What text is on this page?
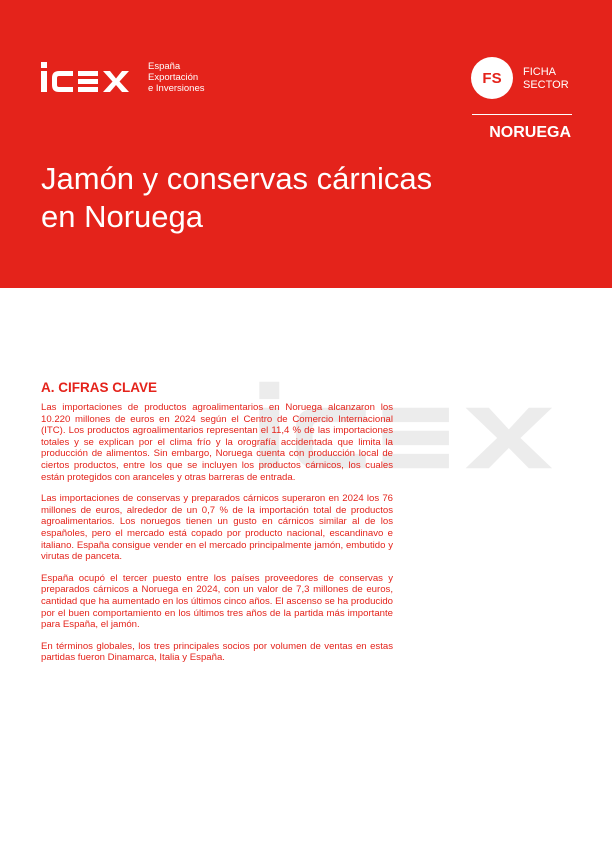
España
Exportación
e Inversiones
FS	FICHA
SECTOR
NORUEGA
Jamón y conservas cárnicas
en Noruega
A. CIFRAS CLAVE

Las importaciones de productos agroalimentarios en Noruega alcanzaron los 10.220 millones de euros en 2024 según el Centro de Comercio Internacional (ITC). Los productos agroalimentarios representan el 11,4 % de las importaciones totales y se explican por el clima frío y la orografía accidentada que limita la producción de alimentos. Sin embargo, Noruega cuenta con producción local de ciertos productos, entre los que se incluyen los productos cárnicos, los cuales están protegidos con aranceles y otras barreras de entrada.

Las importaciones de conservas y preparados cárnicos superaron en 2024 los 76 millones de euros, alrededor de un 0,7 % de la importación total de productos agroalimentarios. Los noruegos tienen un gusto en cárnicos similar al de los españoles, pero el mercado está copado por producto nacional, escandinavo e italiano. España consigue vender en el mercado principalmente jamón, embutido y virutas de panceta.

España ocupó el tercer puesto entre los países proveedores de conservas y preparados cárnicos a Noruega en 2024, con un valor de 7,3 millones de euros, cantidad que ha aumentado en los últimos cinco años. El ascenso se ha producido por el buen comportamiento en los últimos tres años de la partida más importante para España, el jamón.

En términos globales, los tres principales socios por volumen de ventas en estas partidas fueron Dinamarca, Italia y España.
